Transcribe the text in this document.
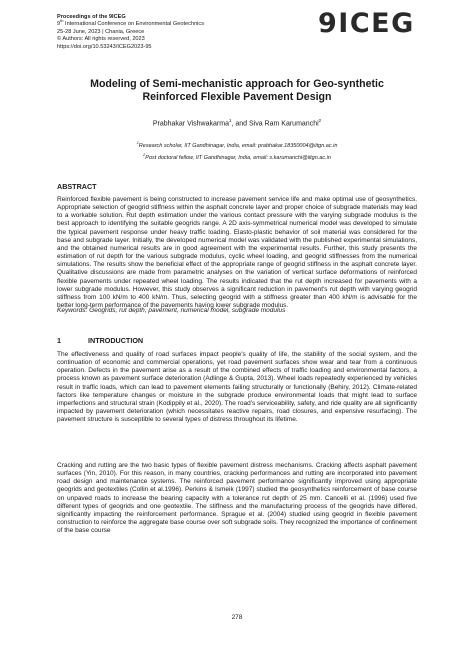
Proceedings of the 9ICEG
9th International Conference on Environmental Geotechnics
25-28 June, 2023 | Chania, Greece
© Authors: All rights reserved, 2023
https://doi.org/10.53243/ICEG2023-95
9ICEG
Modeling of Semi-mechanistic approach for Geo-synthetic
Reinforced Flexible Pavement Design
Prabhakar Vishwakarma$^1$, and Siva Ram Karumanchi$^2$
$^1$Research scholar, IIT Gandhinagar, India, email: prabhakar.18350004@iitgn.ac.in
$^2$Post doctoral fellow, IIT Gandhinagar, India, email: s.karumanchi@iitgn.ac.in
ABSTRACT

Reinforced flexible pavement is being constructed to increase pavement service life and make optimal use of geosynthetics. Appropriate selection of geogrid stiffness within the asphalt concrete layer and proper choice of subgrade materials may lead to a workable solution. Rut depth estimation under the various contact pressure with the varying subgrade modulus is the best approach to identifying the suitable geogrids range. A 2D axis-symmetrical numerical model was developed to simulate the typical pavement response under heavy traffic loading. Elasto-plastic behavior of soil material was considered for the base and subgrade layer. Initially, the developed numerical model was validated with the published experimental simulations, and the obtained numerical results are in good agreement with the experimental results. Further, this study presents the estimation of rut depth for the various subgrade modulus, cyclic wheel loading, and geogrid stiffnesses from the numerical simulations. The results show the beneficial effect of the appropriate range of geogrid stiffness in the asphalt concrete layer. Qualitative discussions are made from parametric analyses on the variation of vertical surface deformations of reinforced flexible pavements under repeated wheel loading. The results indicated that the rut depth increased for pavements with a lower subgrade modulus. However, this study observes a significant reduction in pavement's rut depth with varying geogrid stiffness from 100 kN/m to 400 kN/m. Thus, selecting geogrid with a stiffness greater than 400 kN/m is advisable for the better long-term performance of the pavements having lower subgrade modulus.

Keywords: Geogrids, rut depth, pavement, numerical model, subgrade modulus
1	INTRODUCTION

The effectiveness and quality of road surfaces impact people's quality of life, the stability of the social system, and the continuation of economic and commercial operations, yet road pavement surfaces show wear and tear from a continuous operation. Defects in the pavement arise as a result of the combined effects of traffic loading and environmental factors, a process known as pavement surface deterioration (Adlinge & Gupta, 2013). Wheel loads repeatedly experienced by vehicles result in traffic loads, which can lead to pavement elements failing structurally or functionally (Behiry, 2012). Climate-related factors like temperature changes or moisture in the subgrade produce environmental loads that might lead to surface imperfections and structural strain (Kodippily et al., 2020). The road's serviceability, safety, and ride quality are all significantly impacted by pavement deterioration (which necessitates reactive repairs, road closures, and expensive resurfacing). The pavement structure is susceptible to several types of distress throughout its lifetime.

Cracking and rutting are the two basic types of flexible pavement distress mechanisms. Cracking affects asphalt pavement surfaces (Yin, 2010). For this reason, in many countries, cracking performances and rutting are incorporated into pavement road design and maintenance systems. The reinforced pavement performance significantly improved using appropriate geogrids and geotextiles (Collin et al.1996). Perkins & Ismeik (1997) studied the geosynthetics reinforcement of base course on unpaved roads to increase the bearing capacity with a tolerance rut depth of 25 mm. Cancelli et al. (1996) used five different types of geogrids and one geotextile. The stiffness and the manufacturing process of the geogrids have differed, significantly impacting the reinforcement performance. Sprague et al. (2004) studied using geogrid in flexible pavement construction to reinforce the aggregate base course over soft subgrade soils. They recognized the importance of confinement of the base course

278
